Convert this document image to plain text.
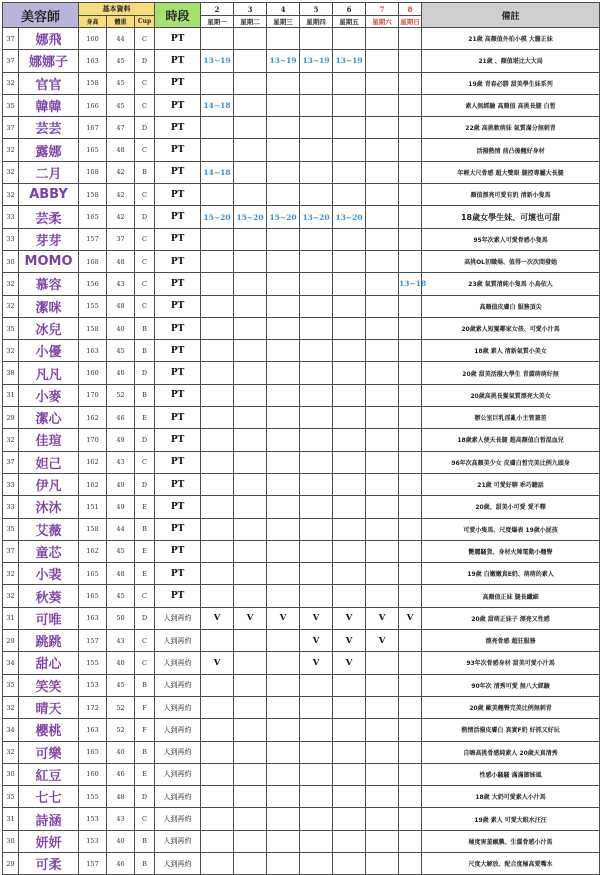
美容師		基本資料			時段	2	3	4	5	6	7	8	備註
		身高	體重	Cup		星期一	星期二	星期三	星期四	星期五	星期六	星期日	
37	娜飛	160	44	C	PT								21歲 高顏值外拍小模 大膽正妹
37	娜娜子	163	45	D	PT	13~19		13~19	13~19	13~19			21歲 、顏值堪比大大局
32	官官	158	45	C	PT								19歲 青春必勝 甜美學生妹系列
35	韓韓	166	45	C	PT	14~18							素人無經驗 高顏值 高挑長腿 白皙
37	芸芸	167	47	D	PT								22歲 高挑軟萌妹 氣質滿分無刺青
32	露娜	165	48	C	PT								活潑熱情 前凸後翹好身材
32	二月	168	42	B	PT	14~18							年輕大尺骨感 超大雙眼 腿控專屬大長腿
32	ABBY	158	42	C	PT								顏值漂亮可愛有奶 清新小隻馬
33	芸柔	165	42	D	PT	15~20	15~20	15~20	13~20	13~20			18歲女學生妹、可壞也可甜
33	芽芽	157	37	C	PT								95年次素人可愛骨感小隻馬
30	MOMO	168	48	C	PT								高挑OL初職場、值得一次次間發她
32	慕容	156	43	C	PT							13~18	23歲 氣質清純小隻馬 小鳥依人
32	潔咪	155	48	C	PT								高顏值皮膚白 服務頂尖
35	冰兒	158	40	B	PT								20歲素人短髮鄰家女孩、可愛小汁馬
32	小優	163	45	B	PT								18歲 素人 清新氣質小美女
38	凡凡	160	40	D	PT								20歲 甜美活潑大學生 青澀萌萌好無
31	小麥	170	52	B	PT								20歲高挑長髮氣質漂亮大美女
29	潔心	162	46	E	PT								辦公室巨乳淫亂小主管兼差
32	佳瑄	170	49	D	PT								18歲素人便天長腿 超高顏值白皙混血兒
37	妲己	162	43	C	PT								96年次高顏美少女 皮膚白皙完美比例九頭身
33	伊凡	162	49	D	PT								21歲 可愛好聊 乖巧聽話
33	沐沐	151	49	E	PT								20歲、甜美小可愛 愛不釋
35	艾薇	158	44	B	PT								可愛小隻馬、尺度爆表 19歲小屁孩
37	童芯	162	45	E	PT								艷麗騷貨、身材火辣電動小翹臀
32	小裴	165	48	E	PT								19歲 白嫩嫩真E奶、萌萌的素人
32	秋葵	165	45	C	PT								高顏值正妹 腿長纖細
31	可唯	163	50	D	人到再約	V	V	V	V	V	V	V	20歲 甜萌正妹子 漂亮又性感
29	跳跳	157	43	C	人到再約				V	V	V		漂亮骨感 超狂服務
34	甜心	155	40	C	人到再約	V			V	V			93年次骨感身材 甜美可愛小汁馬
35	笑笑	153	45	B	人到再約								90年次 清秀可愛 無八大經驗
32	晴天	172	52	F	人到再約								20歲 歐美翹臀完美比例無刺青
34	櫻桃	163	52	F	人到再約								熱情活潑皮膚白 真實F奶 好抓又好玩
32	可樂	165	40	B	人到再約								自嗨高挑骨感純素人 20歲天真清秀
30	紅豆	160	46	E	人到再約								性感小騷騷 滿滿御姊風
35	七七	155	48	D	人到再約								18歲 大奶可愛素人小汁馬
31	詩涵	153	43	C	人到再約								19歲 素人 可愛大眼水汪汪
30	妍妍	153	40	B	人到再約								極度害羞靦腆、生澀骨感小汁馬
29	可柔	157	46	B	人到再約								尺度大解放、配合度極高愛嘴水
